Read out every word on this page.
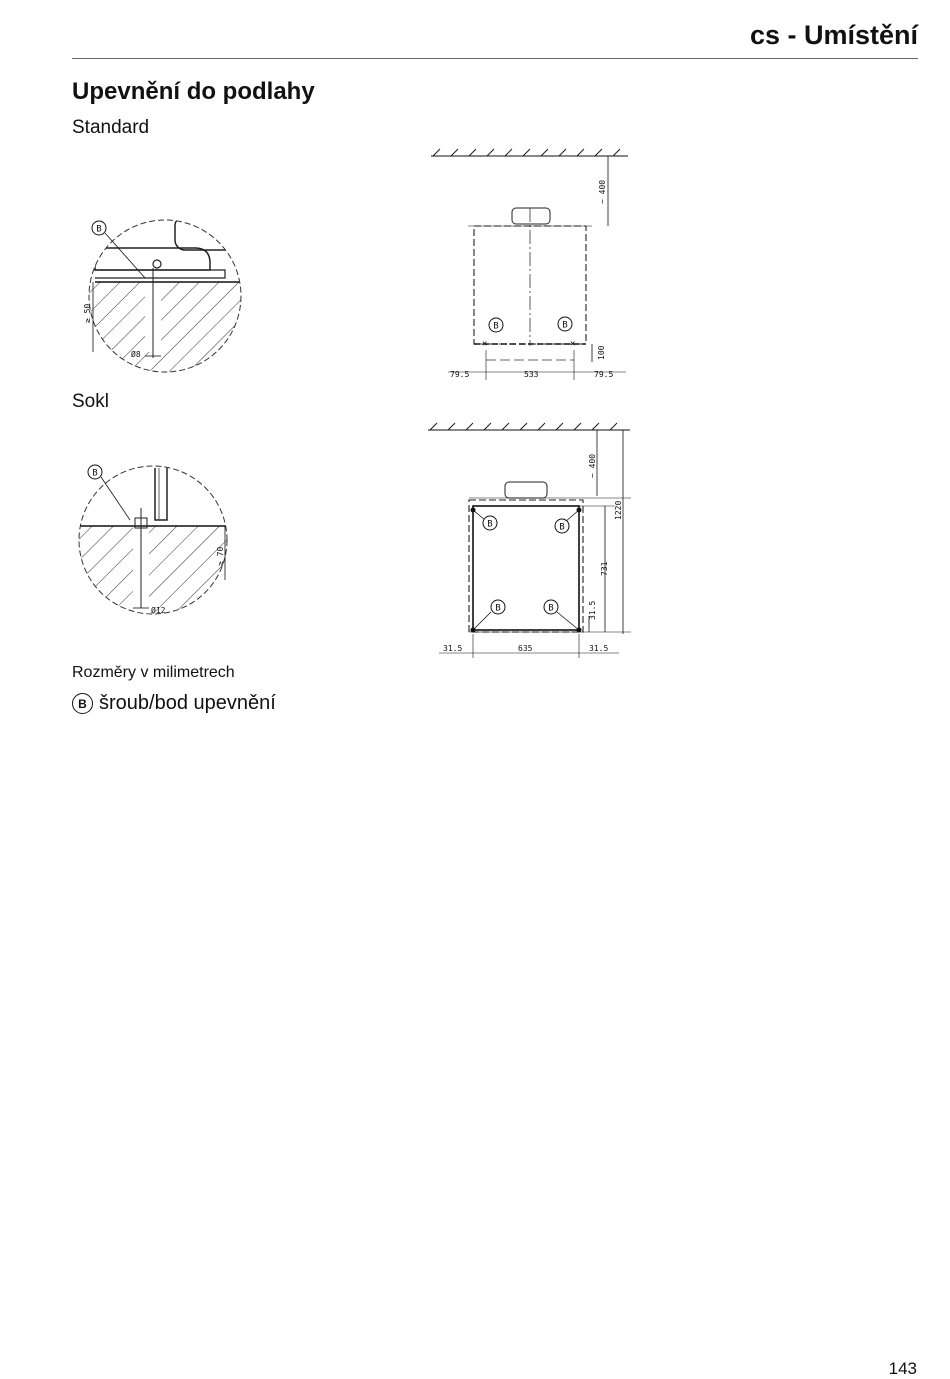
cs - Umístění
Upevnění do podlahy
Standard
Sokl
B
≥ 50
Ø8
~ 400
✕	✕
B	B
100
79.5	533	79.5
B
≥ 70
Ø12
~ 400
1220
731
31.5
B	B
B	B
31.5	635	31.5
Rozměry v milimetrech
B šroub/bod upevnění
143
